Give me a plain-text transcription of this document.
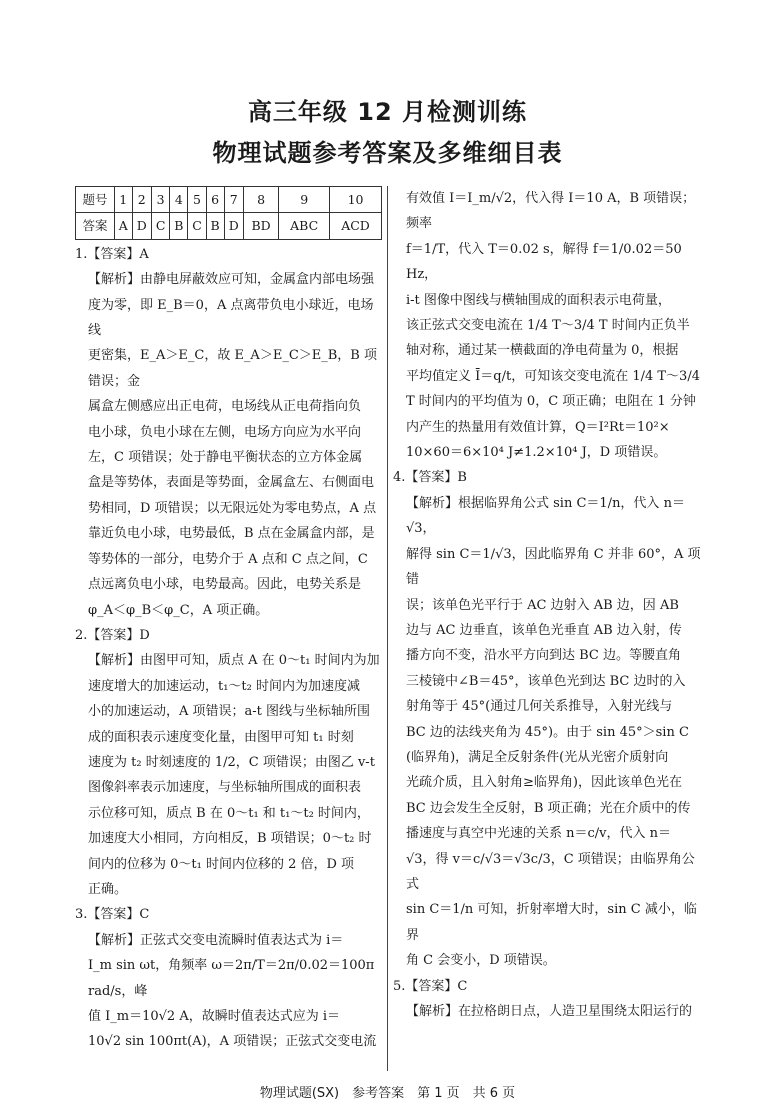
高三年级 12 月检测训练
物理试题参考答案及多维细目表
题号	1	2	3	4	5	6	7	8	9	10
答案	A	D	C	B	C	B	D	BD	ABC	ACD
1.【答案】A
【解析】由静电屏蔽效应可知，金属盒内部电场强
度为零，即 E_B＝0，A 点离带负电小球近，电场线
更密集，E_A＞E_C，故 E_A＞E_C＞E_B，B 项错误；金
属盒左侧感应出正电荷，电场线从正电荷指向负
电小球，负电小球在左侧，电场方向应为水平向
左，C 项错误；处于静电平衡状态的立方体金属
盒是等势体，表面是等势面，金属盒左、右侧面电
势相同，D 项错误；以无限远处为零电势点，A 点
靠近负电小球，电势最低，B 点在金属盒内部，是
等势体的一部分，电势介于 A 点和 C 点之间，C
点远离负电小球，电势最高。因此，电势关系是
φ_A＜φ_B＜φ_C，A 项正确。
2.【答案】D
【解析】由图甲可知，质点 A 在 0～t₁ 时间内为加
速度增大的加速运动，t₁～t₂ 时间内为加速度减
小的加速运动，A 项错误；a-t 图线与坐标轴所围
成的面积表示速度变化量，由图甲可知 t₁ 时刻
速度为 t₂ 时刻速度的 1/2，C 项错误；由图乙 v-t
图像斜率表示加速度，与坐标轴所围成的面积表
示位移可知，质点 B 在 0～t₁ 和 t₁～t₂ 时间内，
加速度大小相同，方向相反，B 项错误；0～t₂ 时
间内的位移为 0～t₁ 时间内位移的 2 倍，D 项
正确。
3.【答案】C
【解析】正弦式交变电流瞬时值表达式为 i＝
I_m sin ωt，角频率 ω＝2π/T＝2π/0.02＝100π rad/s，峰
值 I_m＝10√2 A，故瞬时值表达式应为 i＝
10√2 sin 100πt(A)，A 项错误；正弦式交变电流
有效值 I＝I_m/√2，代入得 I＝10 A，B 项错误；频率
f＝1/T，代入 T＝0.02 s，解得 f＝1/0.02＝50 Hz，
i-t 图像中图线与横轴围成的面积表示电荷量，
该正弦式交变电流在 1/4 T～3/4 T 时间内正负半
轴对称，通过某一横截面的净电荷量为 0，根据
平均值定义 Ī＝q/t，可知该交变电流在 1/4 T～3/4
T 时间内的平均值为 0，C 项正确；电阻在 1 分钟
内产生的热量用有效值计算，Q＝I²Rt＝10²×
10×60＝6×10⁴ J≠1.2×10⁴ J，D 项错误。
4.【答案】B
【解析】根据临界角公式 sin C＝1/n，代入 n＝√3，
解得 sin C＝1/√3，因此临界角 C 并非 60°，A 项错
误；该单色光平行于 AC 边射入 AB 边，因 AB
边与 AC 边垂直，该单色光垂直 AB 边入射，传
播方向不变，沿水平方向到达 BC 边。等腰直角
三棱镜中∠B＝45°，该单色光到达 BC 边时的入
射角等于 45°(通过几何关系推导，入射光线与
BC 边的法线夹角为 45°)。由于 sin 45°＞sin C
(临界角)，满足全反射条件(光从光密介质射向
光疏介质，且入射角≥临界角)，因此该单色光在
BC 边会发生全反射，B 项正确；光在介质中的传
播速度与真空中光速的关系 n＝c/v，代入 n＝
√3，得 v＝c/√3＝√3c/3，C 项错误；由临界角公式
sin C＝1/n 可知，折射率增大时，sin C 减小，临界
角 C 会变小，D 项错误。
5.【答案】C
【解析】在拉格朗日点，人造卫星围绕太阳运行的
物理试题(SX)　参考答案　第 1 页　共 6 页
